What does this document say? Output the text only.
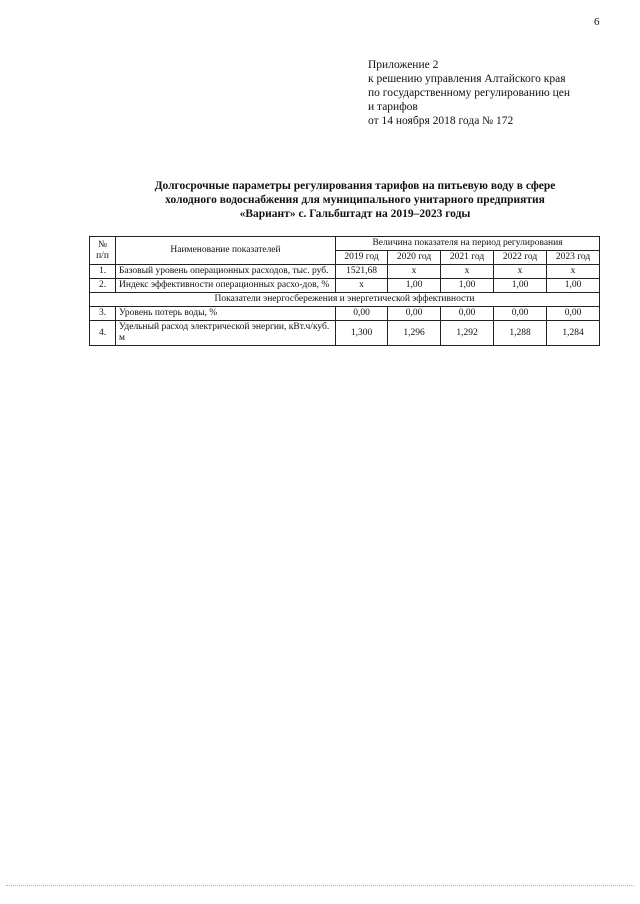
6
Приложение 2
к решению управления Алтайского края
по государственному регулированию цен
и тарифов
от 14 ноября 2018 года № 172
Долгосрочные параметры регулирования тарифов на питьевую воду в сфере
холодного водоснабжения для муниципального унитарного предприятия
«Вариант» с. Гальбштадт на 2019–2023 годы
№ п/п	Наименование показателей	Величина показателя на период регулирования				
		2019 год	2020 год	2021 год	2022 год	2023 год
1.	Базовый уровень операционных расходов, тыс. руб.	1521,68	x	x	x	x
2.	Индекс эффективности операционных расхо-дов, %	x	1,00	1,00	1,00	1,00
Показатели энергосбережения и энергетической эффективности						
3.	Уровень потерь воды, %	0,00	0,00	0,00	0,00	0,00
4.	Удельный расход электрической энергии, кВт.ч/куб. м	1,300	1,296	1,292	1,288	1,284
